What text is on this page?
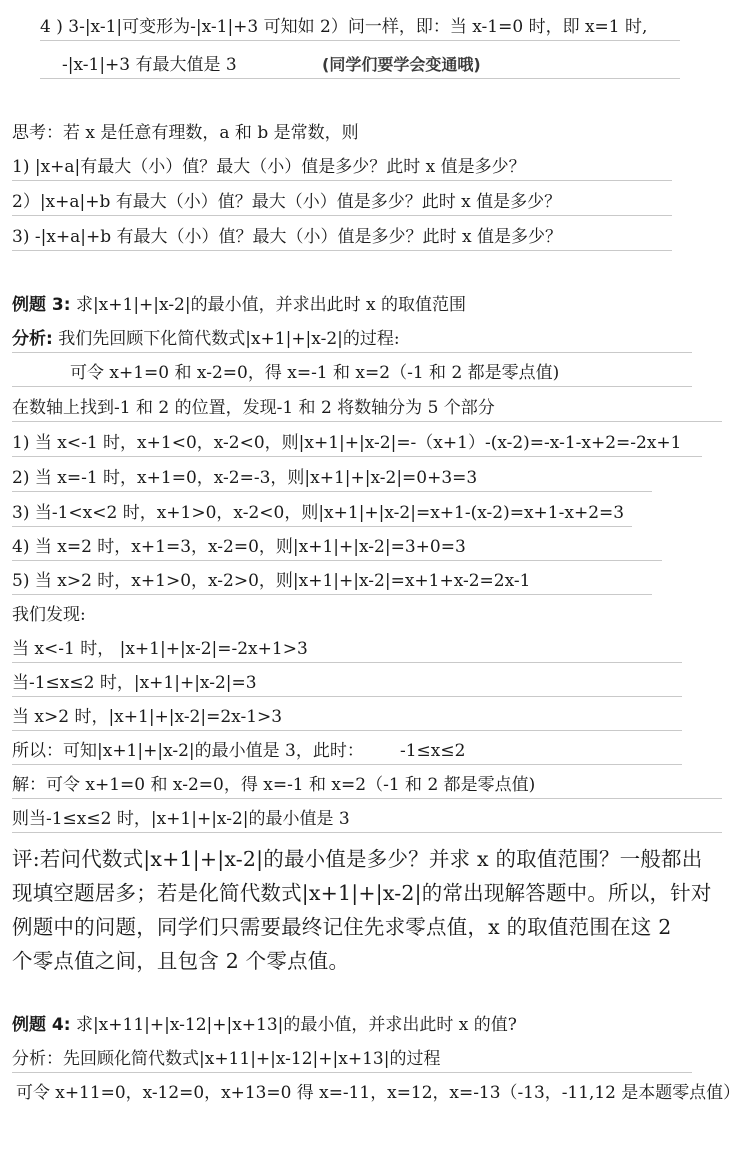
4 ) 3-|x-1|可变形为-|x-1|+3 可知如 2）问一样，即：当 x-1=0 时，即 x=1 时,
-|x-1|+3 有最大值是 3	(同学们要学会变通哦)
思考：若 x 是任意有理数，a 和 b 是常数，则
1) |x+a|有最大（小）值？最大（小）值是多少？此时 x 值是多少？
2）|x+a|+b 有最大（小）值？最大（小）值是多少？此时 x 值是多少？
3) -|x+a|+b 有最大（小）值？最大（小）值是多少？此时 x 值是多少？
例题 3: 求|x+1|+|x-2|的最小值，并求出此时 x 的取值范围
分析: 我们先回顾下化简代数式|x+1|+|x-2|的过程:
可令 x+1=0 和 x-2=0，得 x=-1 和 x=2（-1 和 2 都是零点值)
在数轴上找到-1 和 2 的位置，发现-1 和 2 将数轴分为 5 个部分
1) 当 x<-1 时，x+1<0，x-2<0，则|x+1|+|x-2|=-（x+1）-(x-2)=-x-1-x+2=-2x+1
2) 当 x=-1 时，x+1=0，x-2=-3，则|x+1|+|x-2|=0+3=3
3) 当-1<x<2 时，x+1>0，x-2<0，则|x+1|+|x-2|=x+1-(x-2)=x+1-x+2=3
4) 当 x=2 时，x+1=3，x-2=0，则|x+1|+|x-2|=3+0=3
5) 当 x>2 时，x+1>0，x-2>0，则|x+1|+|x-2|=x+1+x-2=2x-1
我们发现:
当 x<-1 时， |x+1|+|x-2|=-2x+1>3
当-1≤x≤2 时，|x+1|+|x-2|=3
当 x>2 时，|x+1|+|x-2|=2x-1>3
所以：可知|x+1|+|x-2|的最小值是 3，此时： -1≤x≤2
解：可令 x+1=0 和 x-2=0，得 x=-1 和 x=2（-1 和 2 都是零点值)
则当-1≤x≤2 时，|x+1|+|x-2|的最小值是 3
评:若问代数式|x+1|+|x-2|的最小值是多少？并求 x 的取值范围？一般都出
现填空题居多；若是化简代数式|x+1|+|x-2|的常出现解答题中。所以，针对
例题中的问题，同学们只需要最终记住先求零点值，x 的取值范围在这 2
个零点值之间，且包含 2 个零点值。
例题 4: 求|x+11|+|x-12|+|x+13|的最小值，并求出此时 x 的值?
分析：先回顾化简代数式|x+11|+|x-12|+|x+13|的过程
可令 x+11=0，x-12=0，x+13=0 得 x=-11，x=12，x=-13（-13，-11,12 是本题零点值）
